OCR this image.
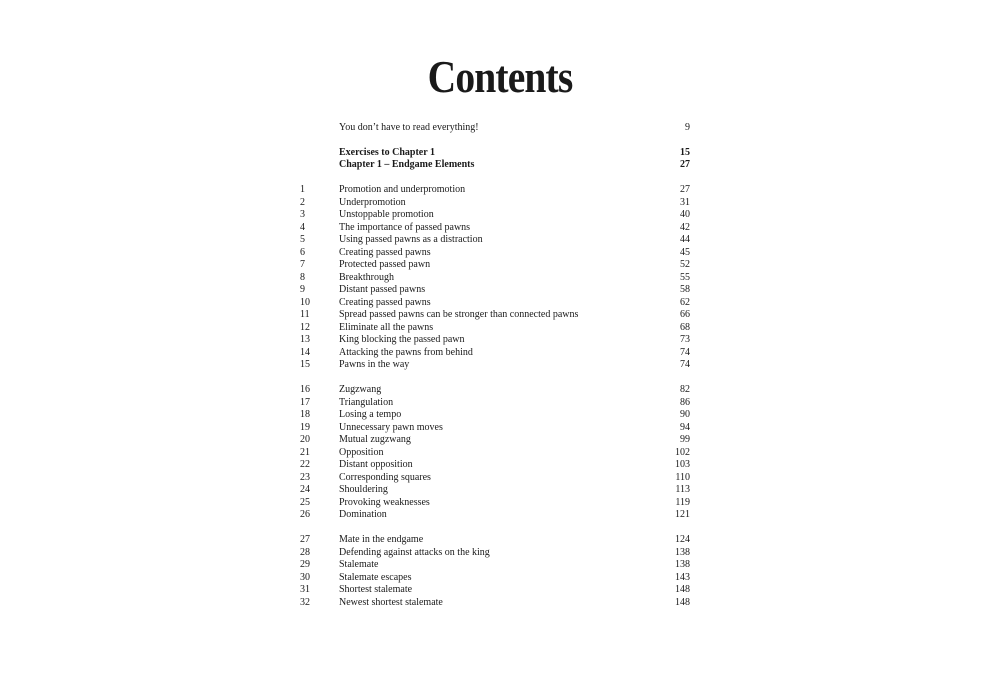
Contents
You don’t have to read everything!	9
Exercises to Chapter 1	15
Chapter 1 – Endgame Elements	27
1	Promotion and underpromotion	27
2	Underpromotion	31
3	Unstoppable promotion	40
4	The importance of passed pawns	42
5	Using passed pawns as a distraction	44
6	Creating passed pawns	45
7	Protected passed pawn	52
8	Breakthrough	55
9	Distant passed pawns	58
10	Creating passed pawns	62
11	Spread passed pawns can be stronger than connected pawns	66
12	Eliminate all the pawns	68
13	King blocking the passed pawn	73
14	Attacking the pawns from behind	74
15	Pawns in the way	74
16	Zugzwang	82
17	Triangulation	86
18	Losing a tempo	90
19	Unnecessary pawn moves	94
20	Mutual zugzwang	99
21	Opposition	102
22	Distant opposition	103
23	Corresponding squares	110
24	Shouldering	113
25	Provoking weaknesses	119
26	Domination	121
27	Mate in the endgame	124
28	Defending against attacks on the king	138
29	Stalemate	138
30	Stalemate escapes	143
31	Shortest stalemate	148
32	Newest shortest stalemate	148
